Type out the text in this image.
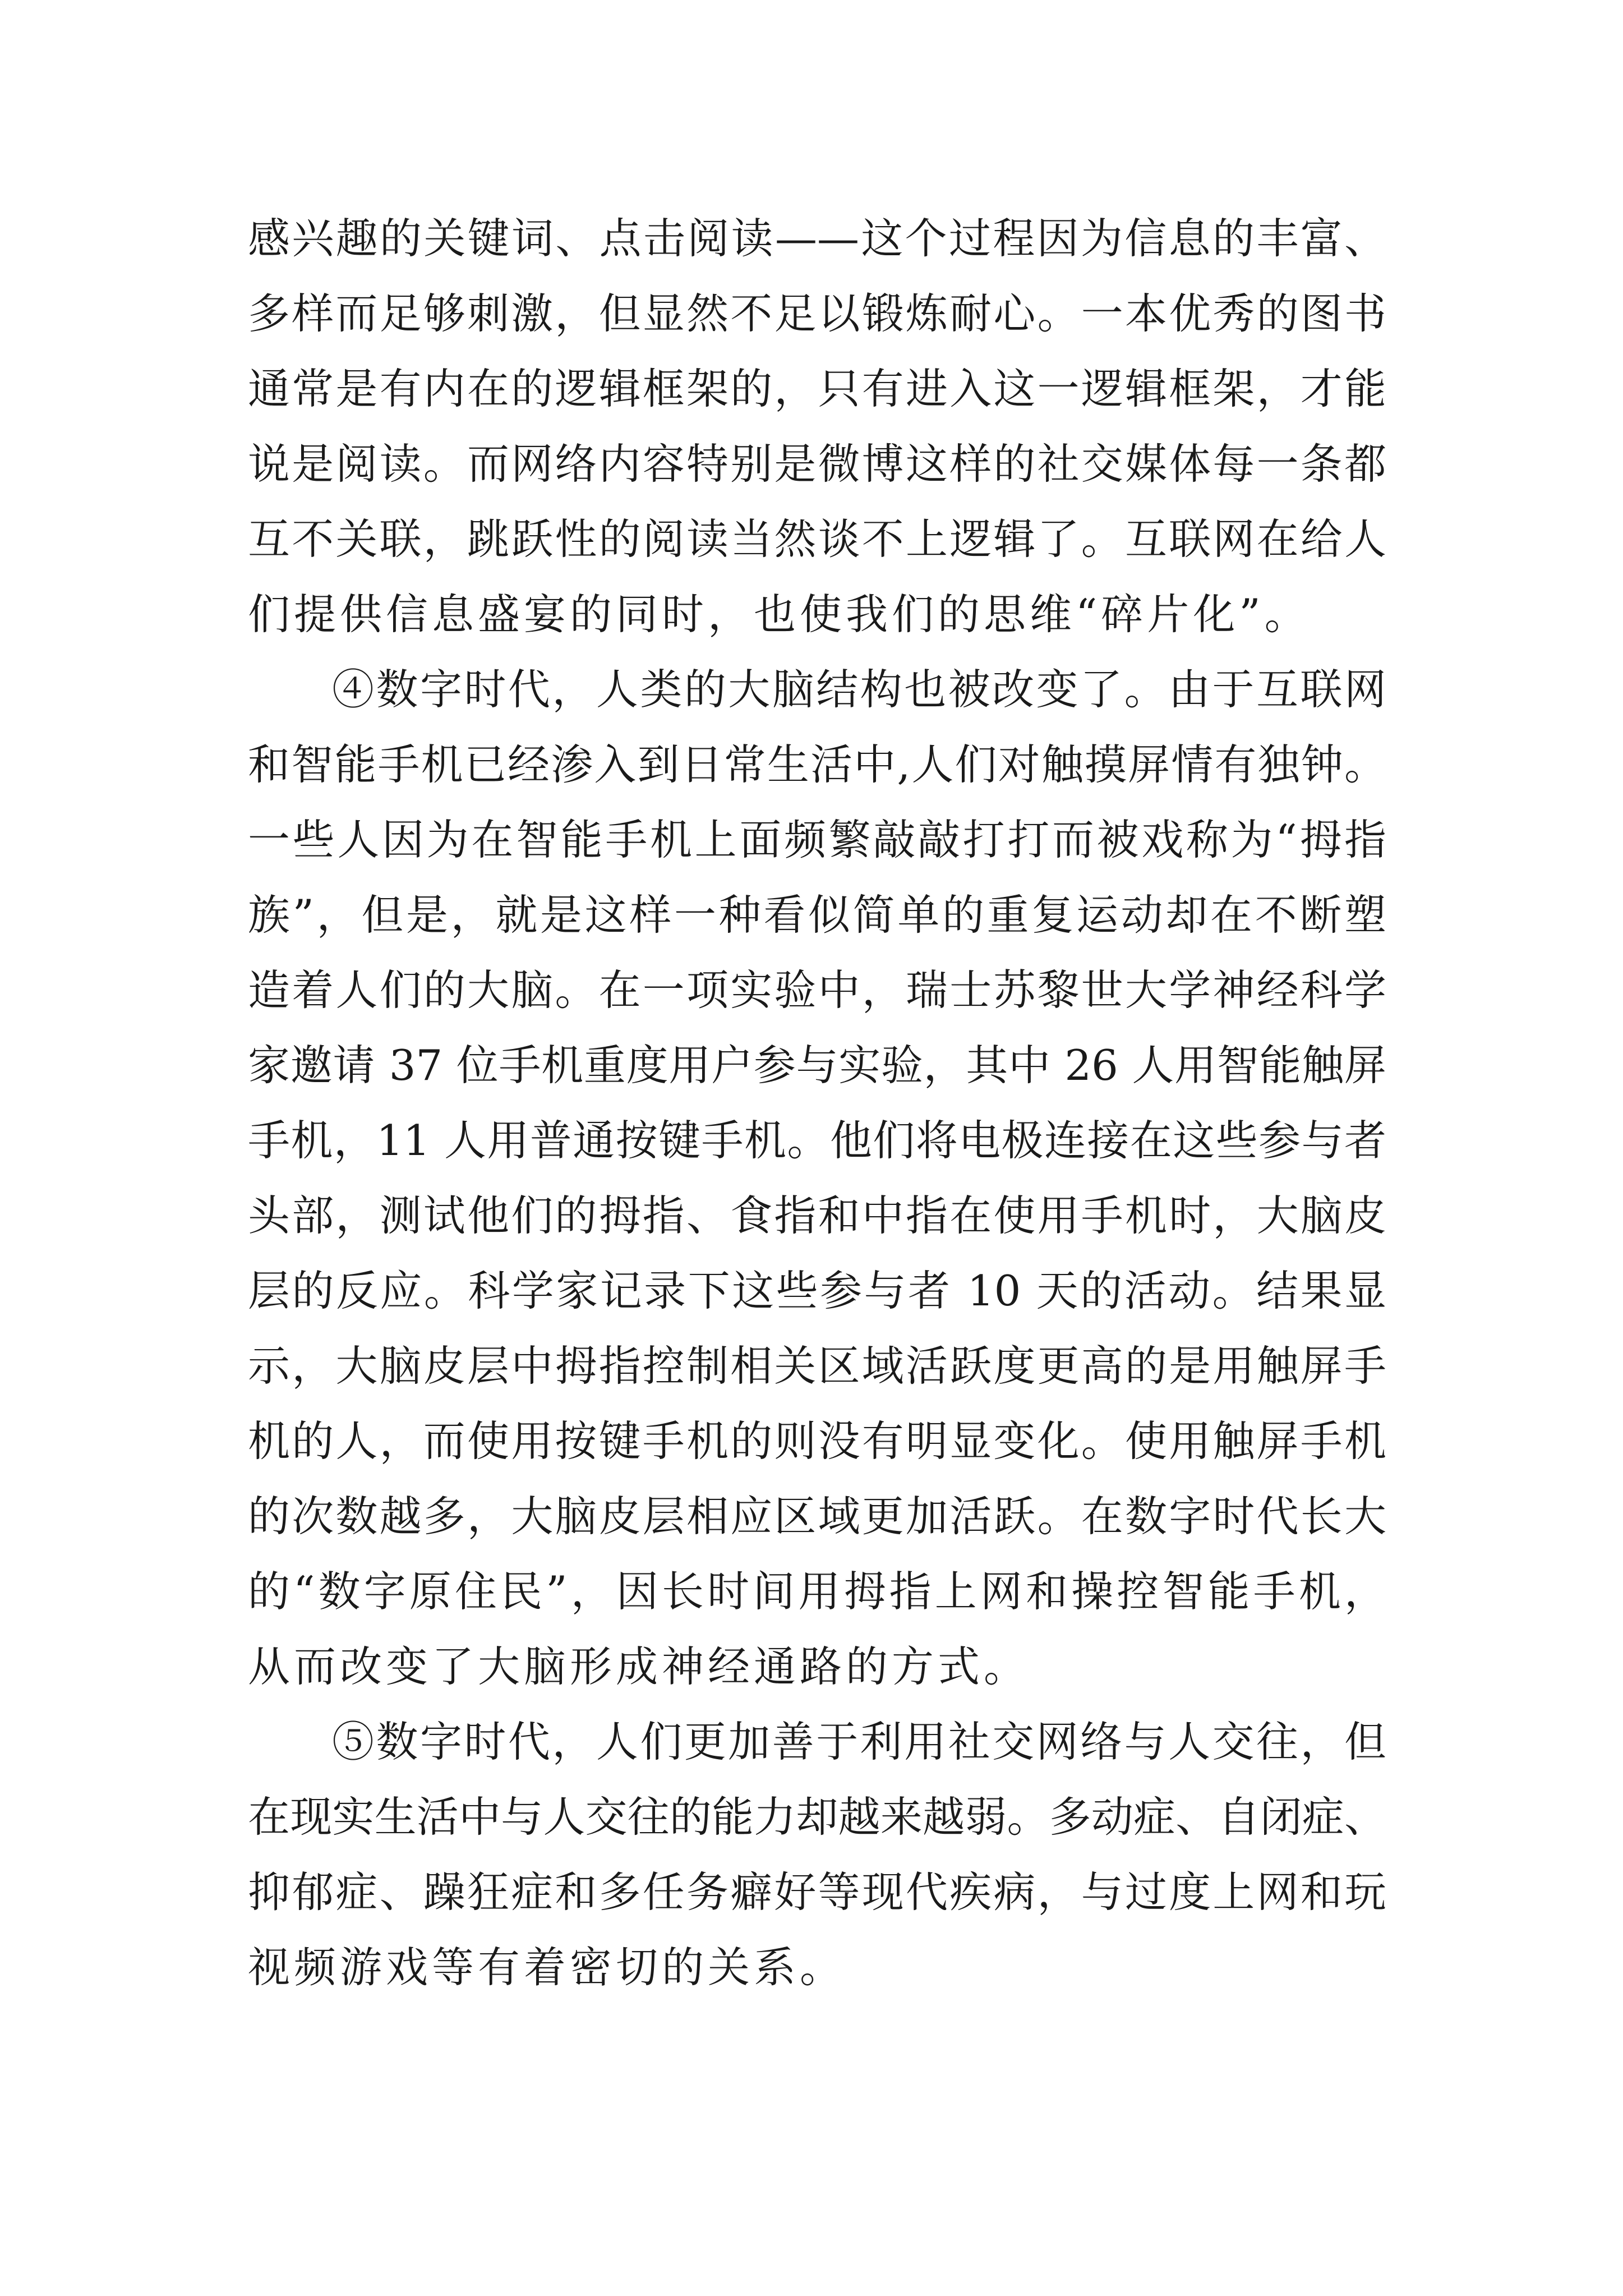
感兴趣的关键词、点击阅读——这个过程因为信息的丰富、
多样而足够刺激，但显然不足以锻炼耐心。一本优秀的图书
通常是有内在的逻辑框架的，只有进入这一逻辑框架，才能
说是阅读。而网络内容特别是微博这样的社交媒体每一条都
互不关联，跳跃性的阅读当然谈不上逻辑了。互联网在给人
们提供信息盛宴的同时，也使我们的思维“碎片化”。
④数字时代，人类的大脑结构也被改变了。由于互联网
和智能手机已经渗入到日常生活中,人们对触摸屏情有独钟。
一些人因为在智能手机上面频繁敲敲打打而被戏称为“拇指
族”，但是，就是这样一种看似简单的重复运动却在不断塑
造着人们的大脑。在一项实验中，瑞士苏黎世大学神经科学
家邀请 37 位手机重度用户参与实验，其中 26 人用智能触屏
手机，11 人用普通按键手机。他们将电极连接在这些参与者
头部，测试他们的拇指、食指和中指在使用手机时，大脑皮
层的反应。科学家记录下这些参与者 10 天的活动。结果显
示，大脑皮层中拇指控制相关区域活跃度更高的是用触屏手
机的人，而使用按键手机的则没有明显变化。使用触屏手机
的次数越多，大脑皮层相应区域更加活跃。在数字时代长大
的“数字原住民”，因长时间用拇指上网和操控智能手机，
从而改变了大脑形成神经通路的方式。
⑤数字时代，人们更加善于利用社交网络与人交往，但
在现实生活中与人交往的能力却越来越弱。多动症、自闭症、
抑郁症、躁狂症和多任务癖好等现代疾病，与过度上网和玩
视频游戏等有着密切的关系。
